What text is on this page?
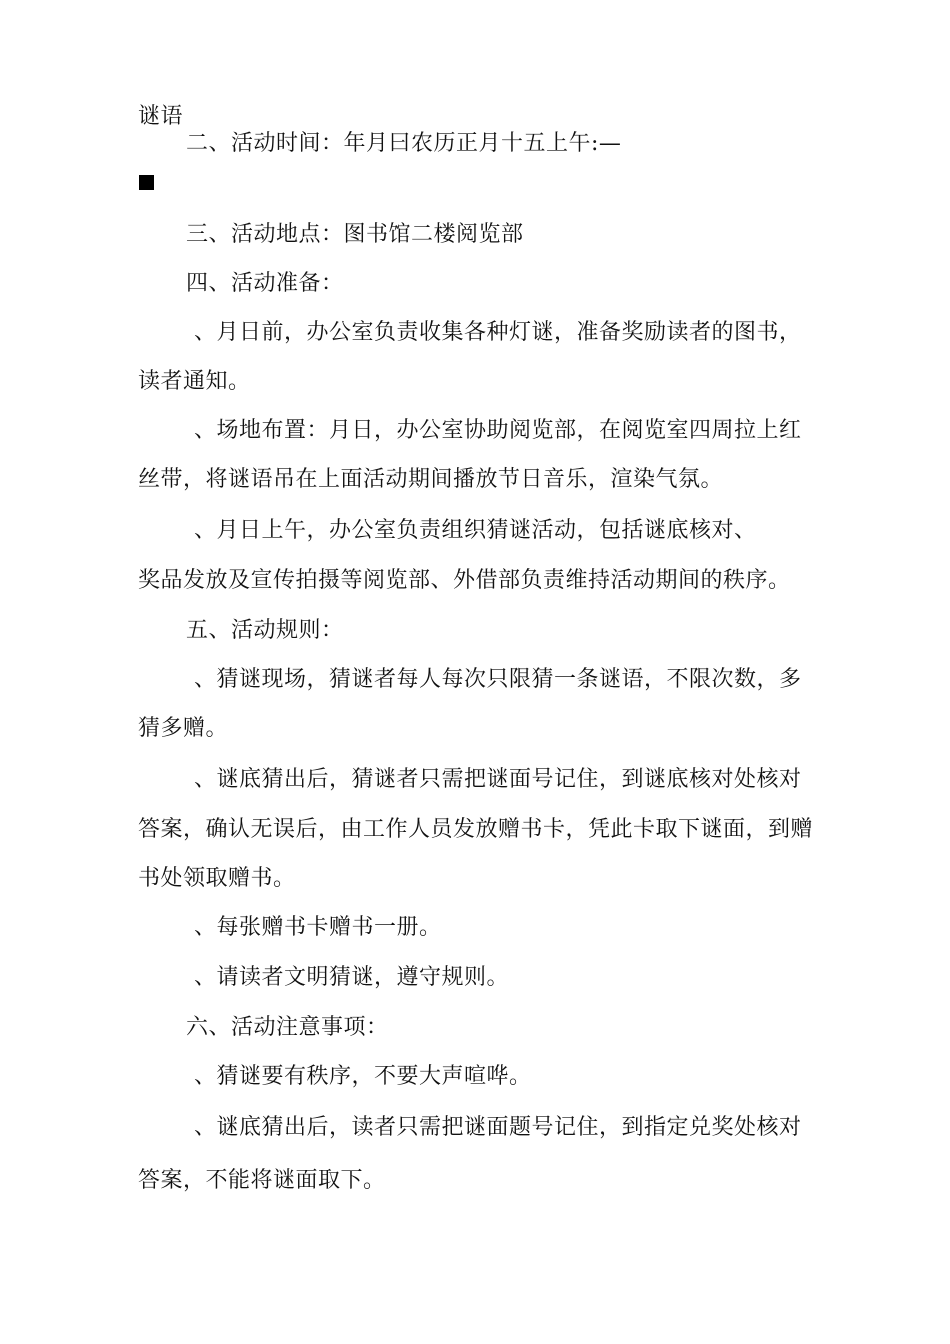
谜语
二、活动时间：年月曰农历正月十五上午:—
三、活动地点：图书馆二楼阅览部
四、活动准备：
、月日前，办公室负责收集各种灯谜，准备奖励读者的图书，
读者通知。
、场地布置：月日，办公室协助阅览部，在阅览室四周拉上红
丝带，将谜语吊在上面活动期间播放节日音乐，渲染气氛。
、月日上午，办公室负责组织猜谜活动，包括谜底核对、
奖品发放及宣传拍摄等阅览部、外借部负责维持活动期间的秩序。
五、活动规则：
、猜谜现场，猜谜者每人每次只限猜一条谜语，不限次数，多
猜多赠。
、谜底猜出后，猜谜者只需把谜面号记住，到谜底核对处核对
答案，确认无误后，由工作人员发放赠书卡，凭此卡取下谜面，到赠
书处领取赠书。
、每张赠书卡赠书一册。
、请读者文明猜谜，遵守规则。
六、活动注意事项：
、猜谜要有秩序，不要大声喧哗。
、谜底猜出后，读者只需把谜面题号记住，到指定兑奖处核对
答案，不能将谜面取下。
